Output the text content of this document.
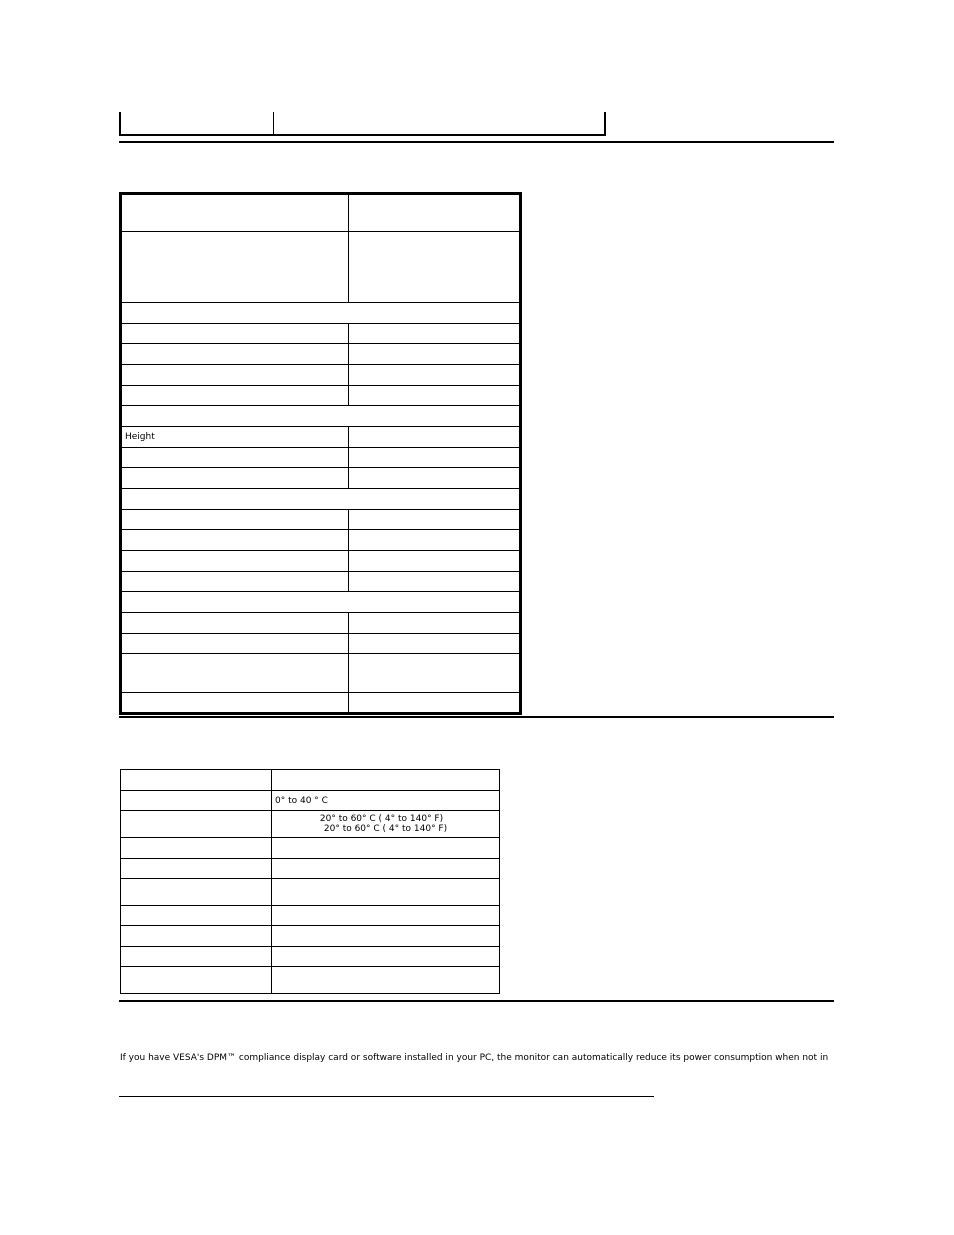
Height	

	0° to 40 ° C

	20° to 60° C ( 4° to 140° F)
20° to 60° C ( 4° to 140° F)

If you have VESA's DPM™ compliance display card or software installed in your PC, the monitor can automatically reduce its power consumption when not in
